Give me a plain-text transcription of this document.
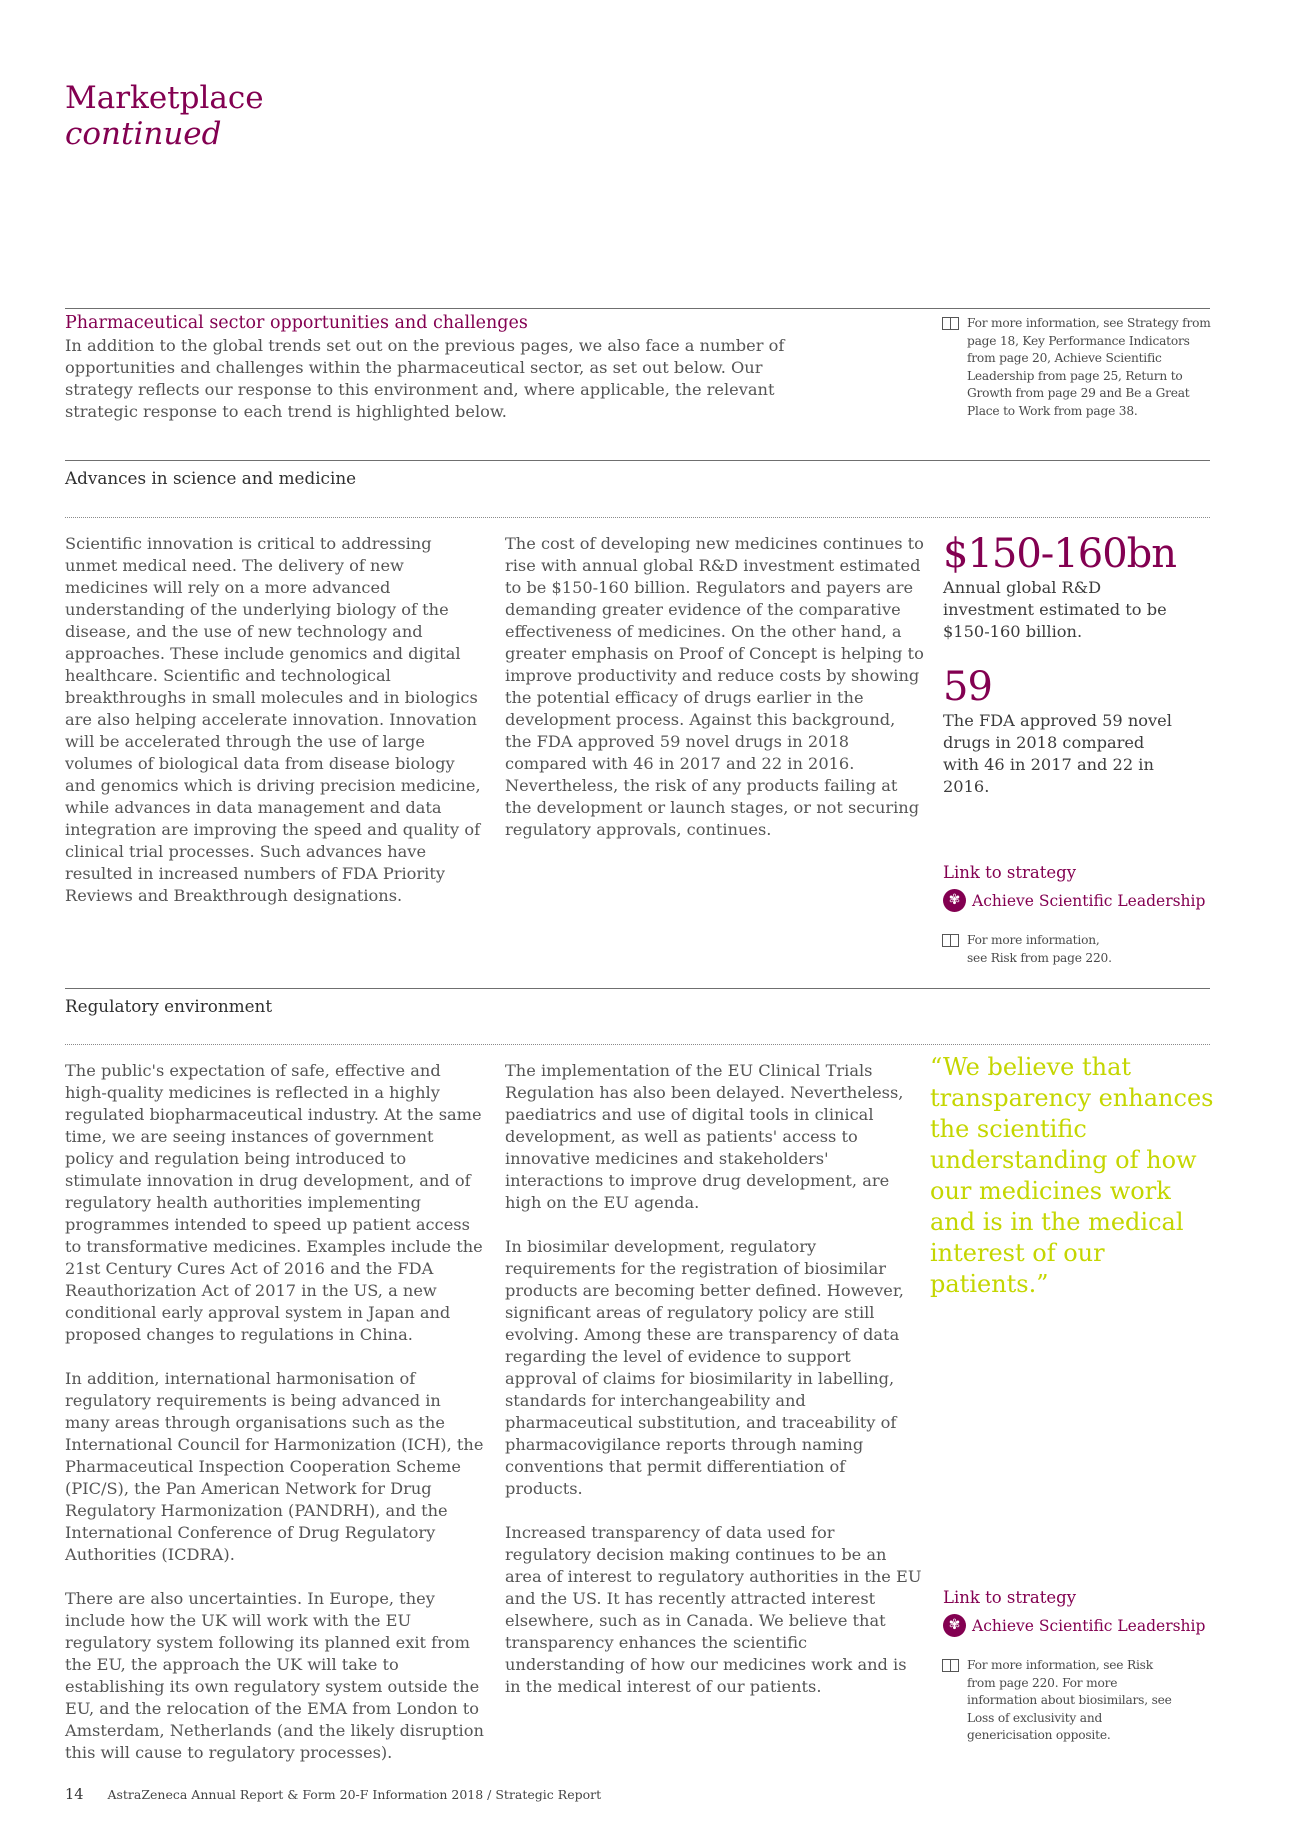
Marketplace
continued
Pharmaceutical sector opportunities and challenges
In addition to the global trends set out on the previous pages, we also face a number of opportunities and challenges within the pharmaceutical sector, as set out below. Our strategy reflects our response to this environment and, where applicable, the relevant strategic response to each trend is highlighted below.
For more information, see Strategy from page 18, Key Performance Indicators from page 20, Achieve Scientific Leadership from page 25, Return to Growth from page 29 and Be a Great Place to Work from page 38.
Advances in science and medicine

Scientific innovation is critical to addressing unmet medical need. The delivery of new medicines will rely on a more advanced understanding of the underlying biology of the disease, and the use of new technology and approaches. These include genomics and digital healthcare. Scientific and technological breakthroughs in small molecules and in biologics are also helping accelerate innovation. Innovation will be accelerated through the use of large volumes of biological data from disease biology and genomics which is driving precision medicine, while advances in data management and data integration are improving the speed and quality of clinical trial processes. Such advances have resulted in increased numbers of FDA Priority Reviews and Breakthrough designations.

The cost of developing new medicines continues to rise with annual global R&D investment estimated to be $150-160 billion. Regulators and payers are demanding greater evidence of the comparative effectiveness of medicines. On the other hand, a greater emphasis on Proof of Concept is helping to improve productivity and reduce costs by showing the potential efficacy of drugs earlier in the development process. Against this background, the FDA approved 59 novel drugs in 2018 compared with 46 in 2017 and 22 in 2016. Nevertheless, the risk of any products failing at the development or launch stages, or not securing regulatory approvals, continues.

$150-160bn
Annual global R&D investment estimated to be $150-160 billion.
59
The FDA approved 59 novel drugs in 2018 compared with 46 in 2017 and 22 in 2016.
Link to strategy
✾ Achieve Scientific Leadership
For more information, see Risk from page 220.
Regulatory environment

The public's expectation of safe, effective and high-quality medicines is reflected in a highly regulated biopharmaceutical industry. At the same time, we are seeing instances of government policy and regulation being introduced to stimulate innovation in drug development, and of regulatory health authorities implementing programmes intended to speed up patient access to transformative medicines. Examples include the 21st Century Cures Act of 2016 and the FDA Reauthorization Act of 2017 in the US, a new conditional early approval system in Japan and proposed changes to regulations in China.

In addition, international harmonisation of regulatory requirements is being advanced in many areas through organisations such as the International Council for Harmonization (ICH), the Pharmaceutical Inspection Cooperation Scheme (PIC/S), the Pan American Network for Drug Regulatory Harmonization (PANDRH), and the International Conference of Drug Regulatory Authorities (ICDRA).

There are also uncertainties. In Europe, they include how the UK will work with the EU regulatory system following its planned exit from the EU, the approach the UK will take to establishing its own regulatory system outside the EU, and the relocation of the EMA from London to Amsterdam, Netherlands (and the likely disruption this will cause to regulatory processes).

The implementation of the EU Clinical Trials Regulation has also been delayed. Nevertheless, paediatrics and use of digital tools in clinical development, as well as patients' access to innovative medicines and stakeholders' interactions to improve drug development, are high on the EU agenda.

In biosimilar development, regulatory requirements for the registration of biosimilar products are becoming better defined. However, significant areas of regulatory policy are still evolving. Among these are transparency of data regarding the level of evidence to support approval of claims for biosimilarity in labelling, standards for interchangeability and pharmaceutical substitution, and traceability of pharmacovigilance reports through naming conventions that permit differentiation of products.

Increased transparency of data used for regulatory decision making continues to be an area of interest to regulatory authorities in the EU and the US. It has recently attracted interest elsewhere, such as in Canada. We believe that transparency enhances the scientific understanding of how our medicines work and is in the medical interest of our patients.

“We believe that transparency enhances the scientific understanding of how our medicines work and is in the medical interest of our patients.”
Link to strategy
✾ Achieve Scientific Leadership
For more information, see Risk from page 220. For more information about biosimilars, see Loss of exclusivity and genericisation opposite.
14 AstraZeneca Annual Report & Form 20-F Information 2018 / Strategic Report
